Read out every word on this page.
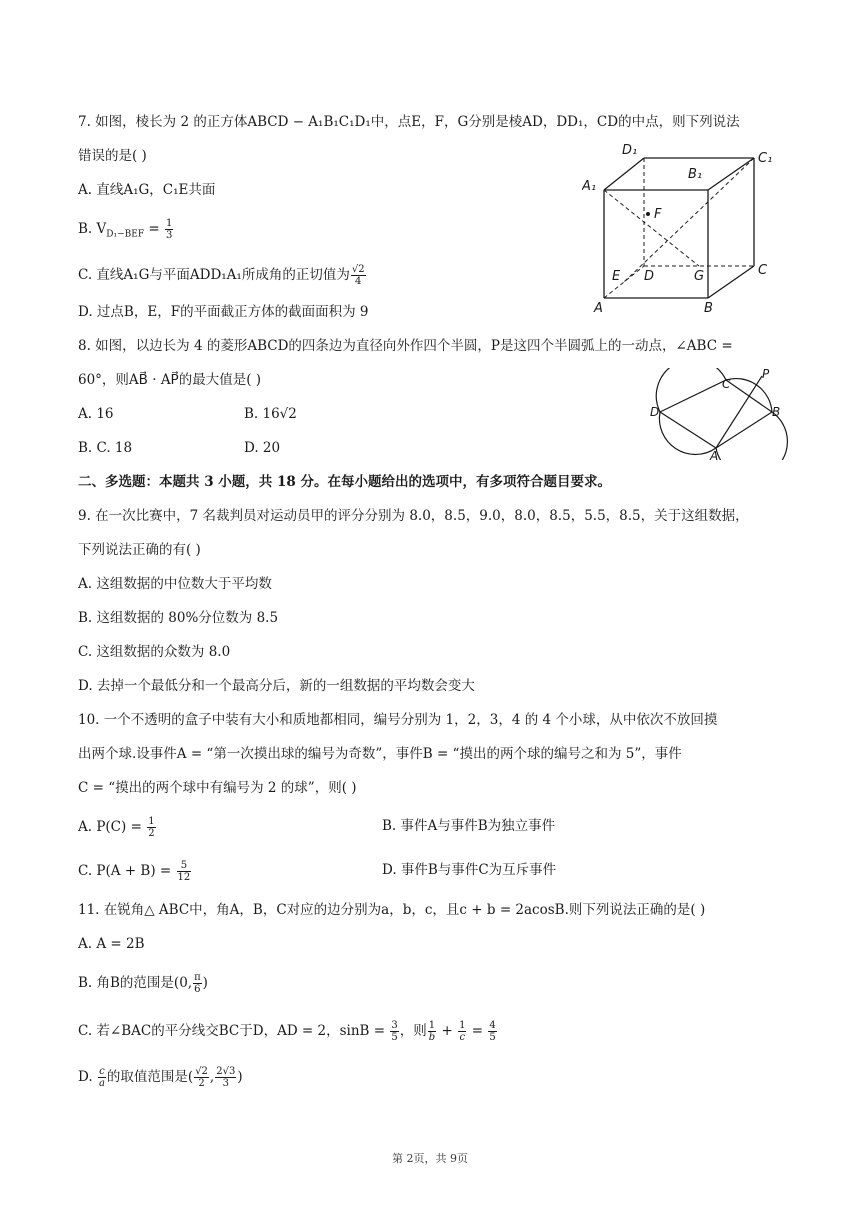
7. 如图，棱长为 2 的正方体ABCD − A₁B₁C₁D₁中，点E，F，G分别是棱AD，DD₁，CD的中点，则下列说法
错误的是( )
A. 直线A₁G，C₁E共面
B. $V_{D_1-BEF} = \frac{1}{3}$
C. 直线A₁G与平面ADD₁A₁所成角的正切值为 $\frac{√2}{4}$
D. 过点B，E，F的平面截正方体的截面面积为 9
D₁
C₁
A₁
B₁
F
E D	G	C
A	B
8. 如图，以边长为 4 的菱形ABCD的四条边为直径向外作四个半圆，P是这四个半圆弧上的一动点，∠ABC =
60°，则AB⃗ · AP⃗的最大值是( )
A. 16	B. 16√2
B. C. 18	D. 20
C
P
D	B
A
二、多选题：本题共 3 小题，共 18 分。在每小题给出的选项中，有多项符合题目要求。
9. 在一次比赛中，7 名裁判员对运动员甲的评分分别为 8.0，8.5，9.0，8.0，8.5，5.5，8.5，关于这组数据，
下列说法正确的有( )
A. 这组数据的中位数大于平均数
B. 这组数据的 80%分位数为 8.5
C. 这组数据的众数为 8.0
D. 去掉一个最低分和一个最高分后，新的一组数据的平均数会变大
10. 一个不透明的盒子中装有大小和质地都相同，编号分别为 1，2，3，4 的 4 个小球，从中依次不放回摸
出两个球.设事件A = “第一次摸出球的编号为奇数”，事件B = “摸出的两个球的编号之和为 5”，事件
C = “摸出的两个球中有编号为 2 的球”，则( )
A. $P(C) = \frac{1}{2}$	B. 事件A与事件B为独立事件
C. $P(A + B) = \frac{5}{12}$	D. 事件B与事件C为互斥事件
11. 在锐角△ ABC中，角A，B，C对应的边分别为a，b，c，且c + b = 2acosB.则下列说法正确的是( )
A. A = 2B
B. 角B的范围是(0, $\frac{\pi}{6}$ )
C. 若∠BAC的平分线交BC于D，AD = 2，$\sin B = \frac{3}{5}$ ，则 $\frac{1}{b} + \frac{1}{c} = \frac{4}{5}$
D. $\frac{c}{a}$ 的取值范围是( $\frac{√2}{2}$ , $\frac{2√3}{3}$ )
第 2页，共 9页
